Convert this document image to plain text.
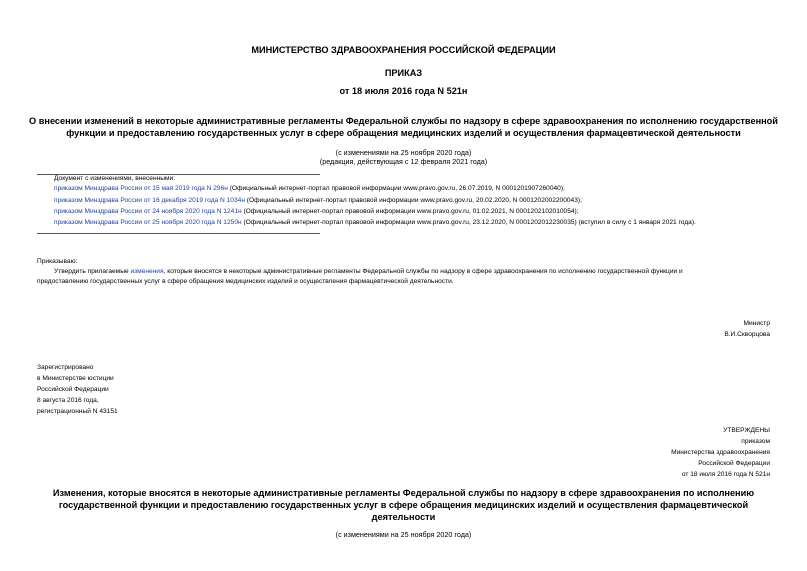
МИНИСТЕРСТВО ЗДРАВООХРАНЕНИЯ РОССИЙСКОЙ ФЕДЕРАЦИИ
ПРИКАЗ
от 18 июля 2016 года N 521н
О внесении изменений в некоторые административные регламенты Федеральной службы по надзору в сфере здравоохранения по исполнению государственной
функции и предоставлению государственных услуг в сфере обращения медицинских изделий и осуществления фармацевтической деятельности
(с изменениями на 25 ноября 2020 года)
(редакция, действующая с 12 февраля 2021 года)
Документ с изменениями, внесенными:
приказом Минздрава России от 15 мая 2019 года N 296н (Официальный интернет-портал правовой информации www.pravo.gov.ru, 26.07.2019, N 0001201907260040);
приказом Минздрава России от 16 декабря 2019 года N 1034н (Официальный интернет-портал правовой информации www.pravo.gov.ru, 20.02.2020, N 0001202002200043);
приказом Минздрава России от 24 ноября 2020 года N 1241н (Официальный интернет-портал правовой информации www.pravo.gov.ru, 01.02.2021, N 0001202102010054);
приказом Минздрава России от 25 ноября 2020 года N 1250н (Официальный интернет-портал правовой информации www.pravo.gov.ru, 23.12.2020, N 0001202012230035) (вступил в силу с 1 января 2021 года).
Приказываю:
Утвердить прилагаемые изменения, которые вносятся в некоторые административные регламенты Федеральной службы по надзору в сфере здравоохранения по исполнению государственной функции и
предоставлению государственных услуг в сфере обращения медицинских изделий и осуществления фармацевтической деятельности.
Министр
В.И.Скворцова
Зарегистрировано
в Министерстве юстиции
Российской Федерации
8 августа 2016 года,
регистрационный N 43151
УТВЕРЖДЕНЫ
приказом
Министерства здравоохранения
Российской Федерации
от 18 июля 2016 года N 521н
Изменения, которые вносятся в некоторые административные регламенты Федеральной службы по надзору в сфере здравоохранения по исполнению
государственной функции и предоставлению государственных услуг в сфере обращения медицинских изделий и осуществления фармацевтической
деятельности
(с изменениями на 25 ноября 2020 года)
